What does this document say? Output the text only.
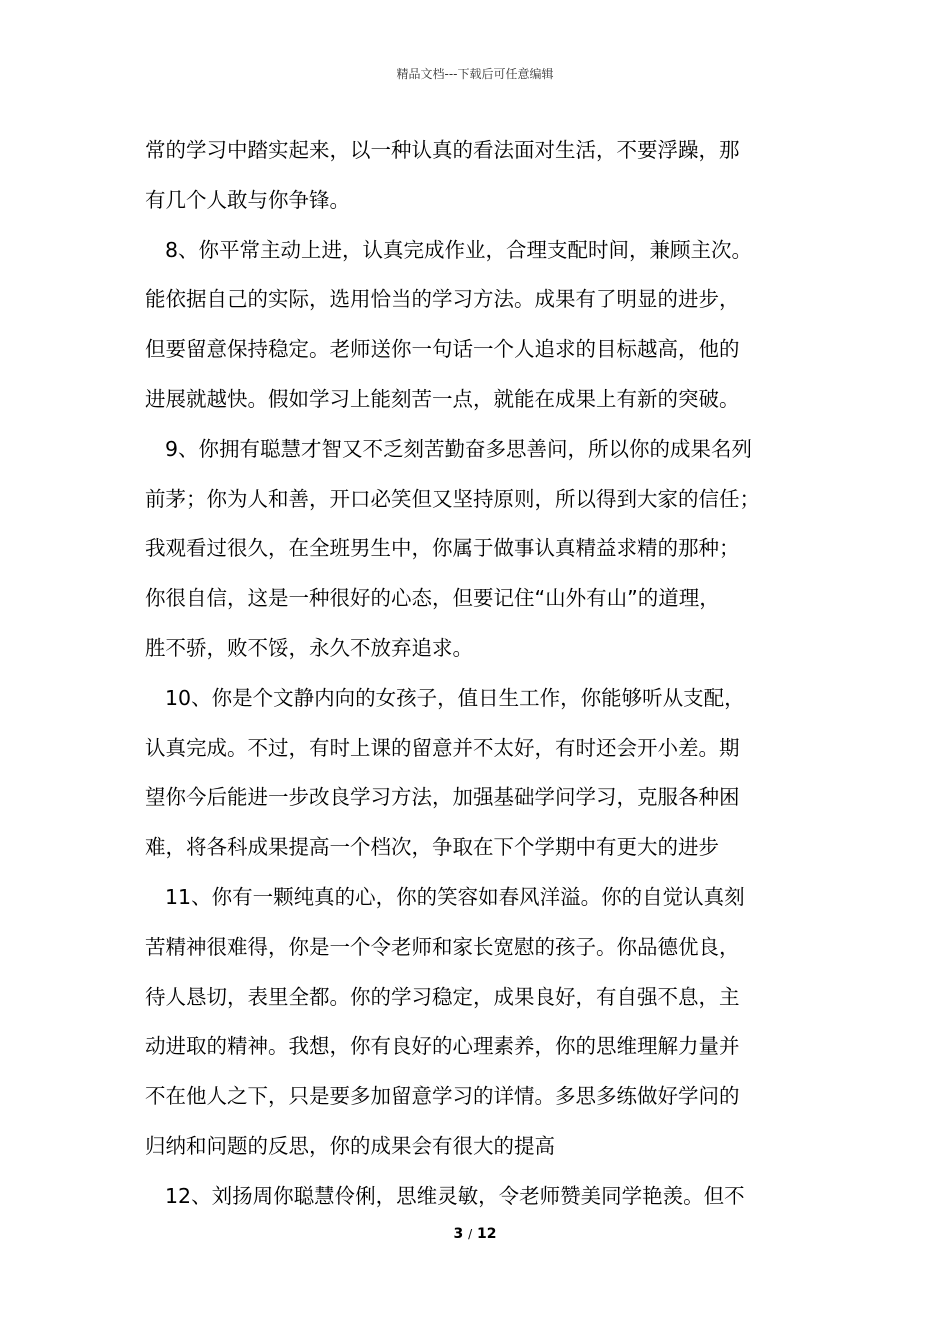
精品文档---下载后可任意编辑
常的学习中踏实起来，以一种认真的看法面对生活，不要浮躁，那
有几个人敢与你争锋。
8、你平常主动上进，认真完成作业，合理支配时间，兼顾主次。
能依据自己的实际，选用恰当的学习方法。成果有了明显的进步，
但要留意保持稳定。老师送你一句话一个人追求的目标越高，他的
进展就越快。假如学习上能刻苦一点，就能在成果上有新的突破。
9、你拥有聪慧才智又不乏刻苦勤奋多思善问，所以你的成果名列
前茅；你为人和善，开口必笑但又坚持原则，所以得到大家的信任；
我观看过很久，在全班男生中，你属于做事认真精益求精的那种；
你很自信，这是一种很好的心态，但要记住“山外有山”的道理，
胜不骄，败不馁，永久不放弃追求。
10、你是个文静内向的女孩子，值日生工作，你能够听从支配，
认真完成。不过，有时上课的留意并不太好，有时还会开小差。期
望你今后能进一步改良学习方法，加强基础学问学习，克服各种困
难，将各科成果提高一个档次，争取在下个学期中有更大的进步
11、你有一颗纯真的心，你的笑容如春风洋溢。你的自觉认真刻
苦精神很难得，你是一个令老师和家长宽慰的孩子。你品德优良，
待人恳切，表里全都。你的学习稳定，成果良好，有自强不息，主
动进取的精神。我想，你有良好的心理素养，你的思维理解力量并
不在他人之下，只是要多加留意学习的详情。多思多练做好学问的
归纳和问题的反思，你的成果会有很大的提高
12、刘扬周你聪慧伶俐，思维灵敏，令老师赞美同学艳羡。但不
3 / 12
